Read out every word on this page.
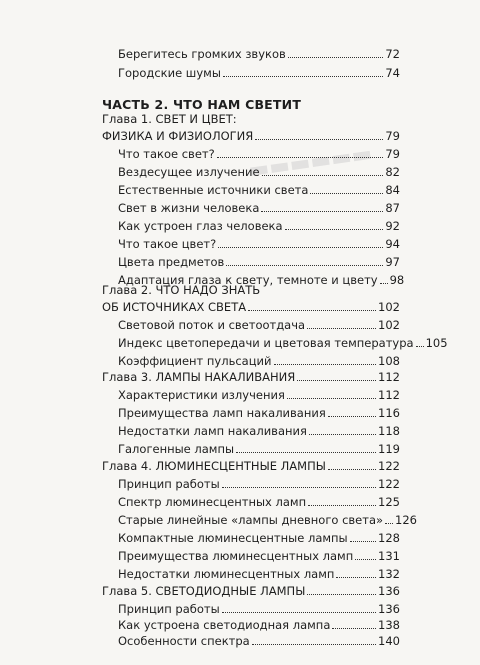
▬▬▬▬▬▬
Берегитесь громких звуков	72
Городские шумы	74
ЧАСТЬ 2. ЧТО НАМ СВЕТИТ
Глава 1. СВЕТ И ЦВЕТ:
ФИЗИКА И ФИЗИОЛОГИЯ	79
Что такое свет?	79
Вездесущее излучение	82
Естественные источники света	84
Свет в жизни человека	87
Как устроен глаз человека	92
Что такое цвет?	94
Цвета предметов	97
Адаптация глаза к свету, темноте и цвету 98
Глава 2. ЧТО НАДО ЗНАТЬ
ОБ ИСТОЧНИКАХ СВЕТА	102
Световой поток и светоотдача	102
Индекс цветопередачи и цветовая температура 105
Коэффициент пульсаций	108
Глава 3. ЛАМПЫ НАКАЛИВАНИЯ	112
Характеристики излучения	112
Преимущества ламп накаливания	116
Недостатки ламп накаливания	118
Галогенные лампы	119
Глава 4. ЛЮМИНЕСЦЕНТНЫЕ ЛАМПЫ	122
Принцип работы	122
Спектр люминесцентных ламп	125
Старые линейные «лампы дневного света» 126
Компактные люминесцентные лампы	128
Преимущества люминесцентных ламп 131
Недостатки люминесцентных ламп	132
Глава 5. СВЕТОДИОДНЫЕ ЛАМПЫ	136
Принцип работы	136
Как устроена светодиодная лампа	138
Особенности спектра	140
